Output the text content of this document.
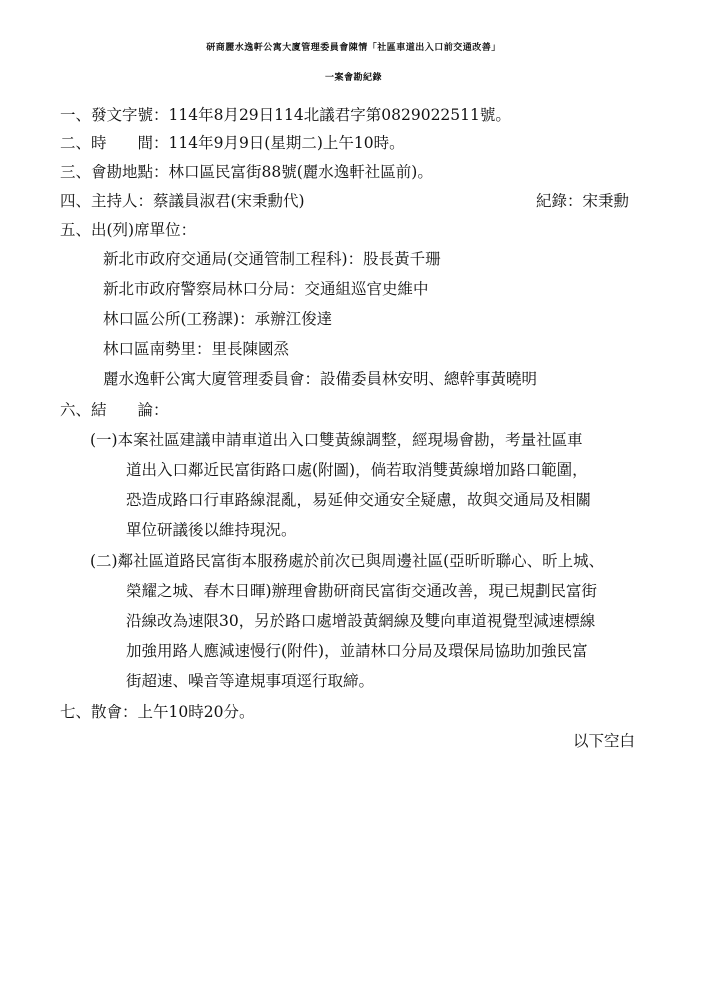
研商麗水逸軒公寓大廈管理委員會陳情「社區車道出入口前交通改善」
一案會勘紀錄
一、發文字號：114年8月29日114北議君字第0829022511號。
二、時　　間：114年9月9日(星期二)上午10時。
三、會勘地點：林口區民富街88號(麗水逸軒社區前)。
四、主持人：蔡議員淑君(宋秉勳代)	紀錄：宋秉勳
五、出(列)席單位：
新北市政府交通局(交通管制工程科)：股長黃千珊
新北市政府警察局林口分局：交通組巡官史維中
林口區公所(工務課)：承辦江俊達
林口區南勢里：里長陳國烝
麗水逸軒公寓大廈管理委員會：設備委員林安明、總幹事黃曉明
六、結　　論：
(一)本案社區建議申請車道出入口雙黃線調整，經現場會勘，考量社區車
道出入口鄰近民富街路口處(附圖)，倘若取消雙黃線增加路口範圍，
恐造成路口行車路線混亂，易延伸交通安全疑慮，故與交通局及相關
單位研議後以維持現況。
(二)鄰社區道路民富街本服務處於前次已與周邊社區(亞昕昕聯心、昕上城、
榮耀之城、春木日暉)辦理會勘研商民富街交通改善，現已規劃民富街
沿線改為速限30，另於路口處增設黃網線及雙向車道視覺型減速標線
加強用路人應減速慢行(附件)，並請林口分局及環保局協助加強民富
街超速、噪音等違規事項逕行取締。
七、散會：上午10時20分。
以下空白
